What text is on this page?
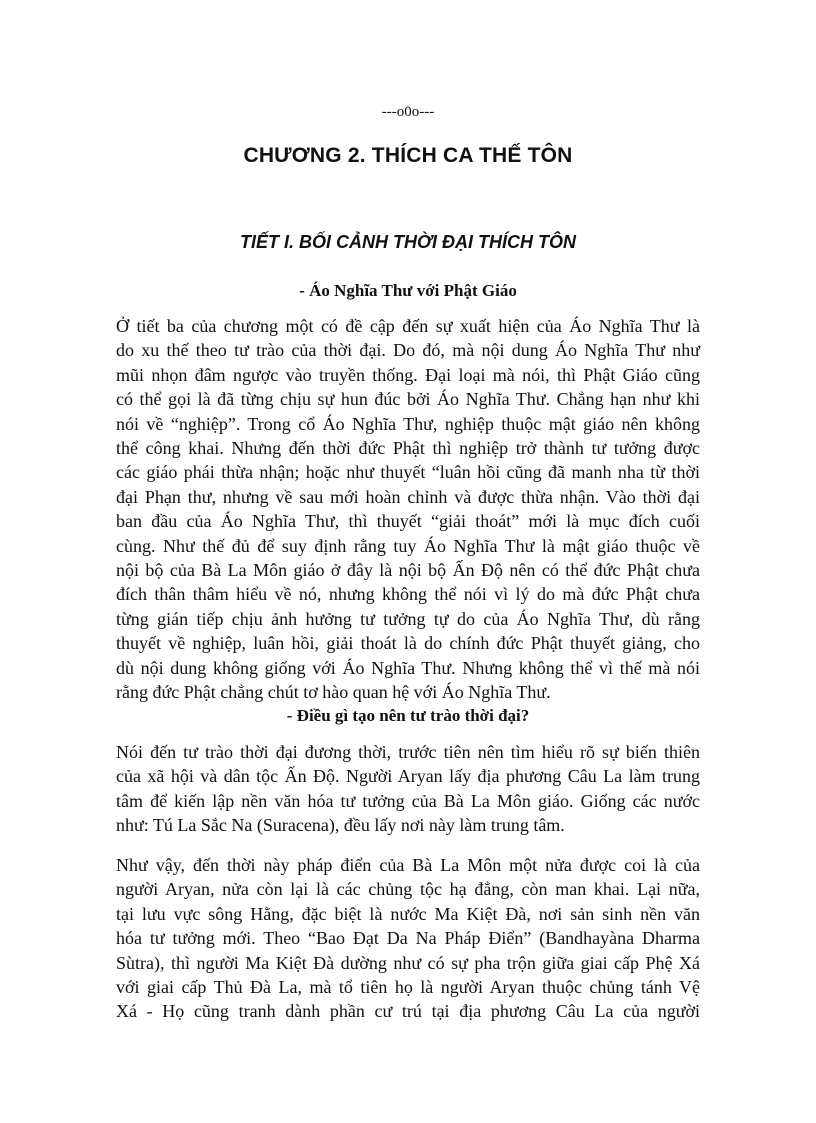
---o0o---
CHƯƠNG 2. THÍCH CA THẾ TÔN
TIẾT I. BỐI CẢNH THỜI ĐẠI THÍCH TÔN
- Áo Nghĩa Thư với Phật Giáo

Ở tiết ba của chương một có đề cập đến sự xuất hiện của Áo Nghĩa Thư là
do xu thế theo tư trào của thời đại. Do đó, mà nội dung Áo Nghĩa Thư như
mũi nhọn đâm ngược vào truyền thống. Đại loại mà nói, thì Phật Giáo cũng
có thể gọi là đã từng chịu sự hun đúc bởi Áo Nghĩa Thư. Chẳng hạn như khi
nói về “nghiệp”. Trong cổ Áo Nghĩa Thư, nghiệp thuộc mật giáo nên không
thể công khai. Nhưng đến thời đức Phật thì nghiệp trở thành tư tưởng được
các giáo phái thừa nhận; hoặc như thuyết “luân hồi cũng đã manh nha từ thời
đại Phạn thư, nhưng về sau mới hoàn chỉnh và được thừa nhận. Vào thời đại
ban đầu của Áo Nghĩa Thư, thì thuyết “giải thoát” mới là mục đích cuối
cùng. Như thế đủ để suy định rằng tuy Áo Nghĩa Thư là mật giáo thuộc về
nội bộ của Bà La Môn giáo ở đây là nội bộ Ấn Độ nên có thể đức Phật chưa
đích thân thâm hiểu về nó, nhưng không thể nói vì lý do mà đức Phật chưa
từng gián tiếp chịu ảnh hưởng tư tưởng tự do của Áo Nghĩa Thư, dù rằng
thuyết về nghiệp, luân hồi, giải thoát là do chính đức Phật thuyết giảng, cho
dù nội dung không giống với Áo Nghĩa Thư. Nhưng không thể vì thế mà nói
rằng đức Phật chẳng chút tơ hào quan hệ với Áo Nghĩa Thư.

- Điều gì tạo nên tư trào thời đại?

Nói đến tư trào thời đại đương thời, trước tiên nên tìm hiểu rõ sự biến thiên
của xã hội và dân tộc Ấn Độ. Người Aryan lấy địa phương Câu La làm trung
tâm để kiến lập nền văn hóa tư tưởng của Bà La Môn giáo. Giống các nước
như: Tú La Sắc Na (Suracena), đều lấy nơi này làm trung tâm.

Như vậy, đến thời này pháp điển của Bà La Môn một nửa được coi là của
người Aryan, nửa còn lại là các chủng tộc hạ đẳng, còn man khai. Lại nữa,
tại lưu vực sông Hằng, đặc biệt là nước Ma Kiệt Đà, nơi sản sinh nền văn
hóa tư tưởng mới. Theo “Bao Đạt Da Na Pháp Điển” (Bandhayàna Dharma
Sùtra), thì người Ma Kiệt Đà dường như có sự pha trộn giữa giai cấp Phệ Xá
với giai cấp Thủ Đà La, mà tổ tiên họ là người Aryan thuộc chủng tánh Vệ
Xá - Họ cũng tranh dành phần cư trú tại địa phương Câu La của người
